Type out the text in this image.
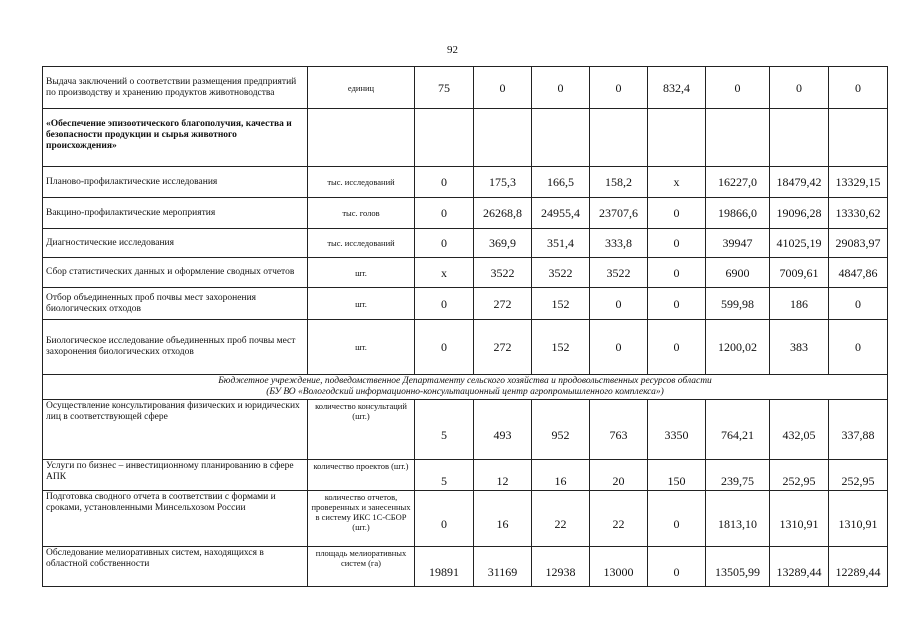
92
Выдача заключений о соответствии размещения предприятий по производству и хранению продуктов животноводства	единиц	75	0	0	0	832,4	0	0	0
«Обеспечение эпизоотического благополучия, качества и безопасности продукции и сырья животного происхождения»									
Планово-профилактические исследования	тыс. исследований	0	175,3	166,5	158,2	х	16227,0	18479,42	13329,15
Вакцино-профилактические мероприятия	тыс. голов	0	26268,8	24955,4	23707,6	0	19866,0	19096,28	13330,62
Диагностические исследования	тыс. исследований	0	369,9	351,4	333,8	0	39947	41025,19	29083,97
Сбор статистических данных и оформление сводных отчетов	шт.	х	3522	3522	3522	0	6900	7009,61	4847,86
Отбор объединенных проб почвы мест захоронения биологических отходов	шт.	0	272	152	0	0	599,98	186	0
Биологическое исследование объединенных проб почвы мест захоронения биологических отходов	шт.	0	272	152	0	0	1200,02	383	0

Бюджетное учреждение, подведомственное Департаменту сельского хозяйства и продовольственных ресурсов области
(БУ ВО «Вологодский информационно-консультационный центр агропромышленного комплекса»)									

Осуществление консультирования физических и юридических лиц в соответствующей сфере	количество консультаций (шт.)	5	493	952	763	3350	764,21	432,05	337,88
Услуги по бизнес – инвестиционному планированию в сфере АПК	количество проектов (шт.)	5	12	16	20	150	239,75	252,95	252,95
Подготовка сводного отчета в соответствии с формами и сроками, установленными Минсельхозом России	количество отчетов, проверенных и занесенных в систему ИКС 1С-СБОР (шт.)	0	16	22	22	0	1813,10	1310,91	1310,91
Обследование мелиоративных систем, находящихся в областной собственности	площадь мелиоративных систем (га)	19891	31169	12938	13000	0	13505,99	13289,44	12289,44
